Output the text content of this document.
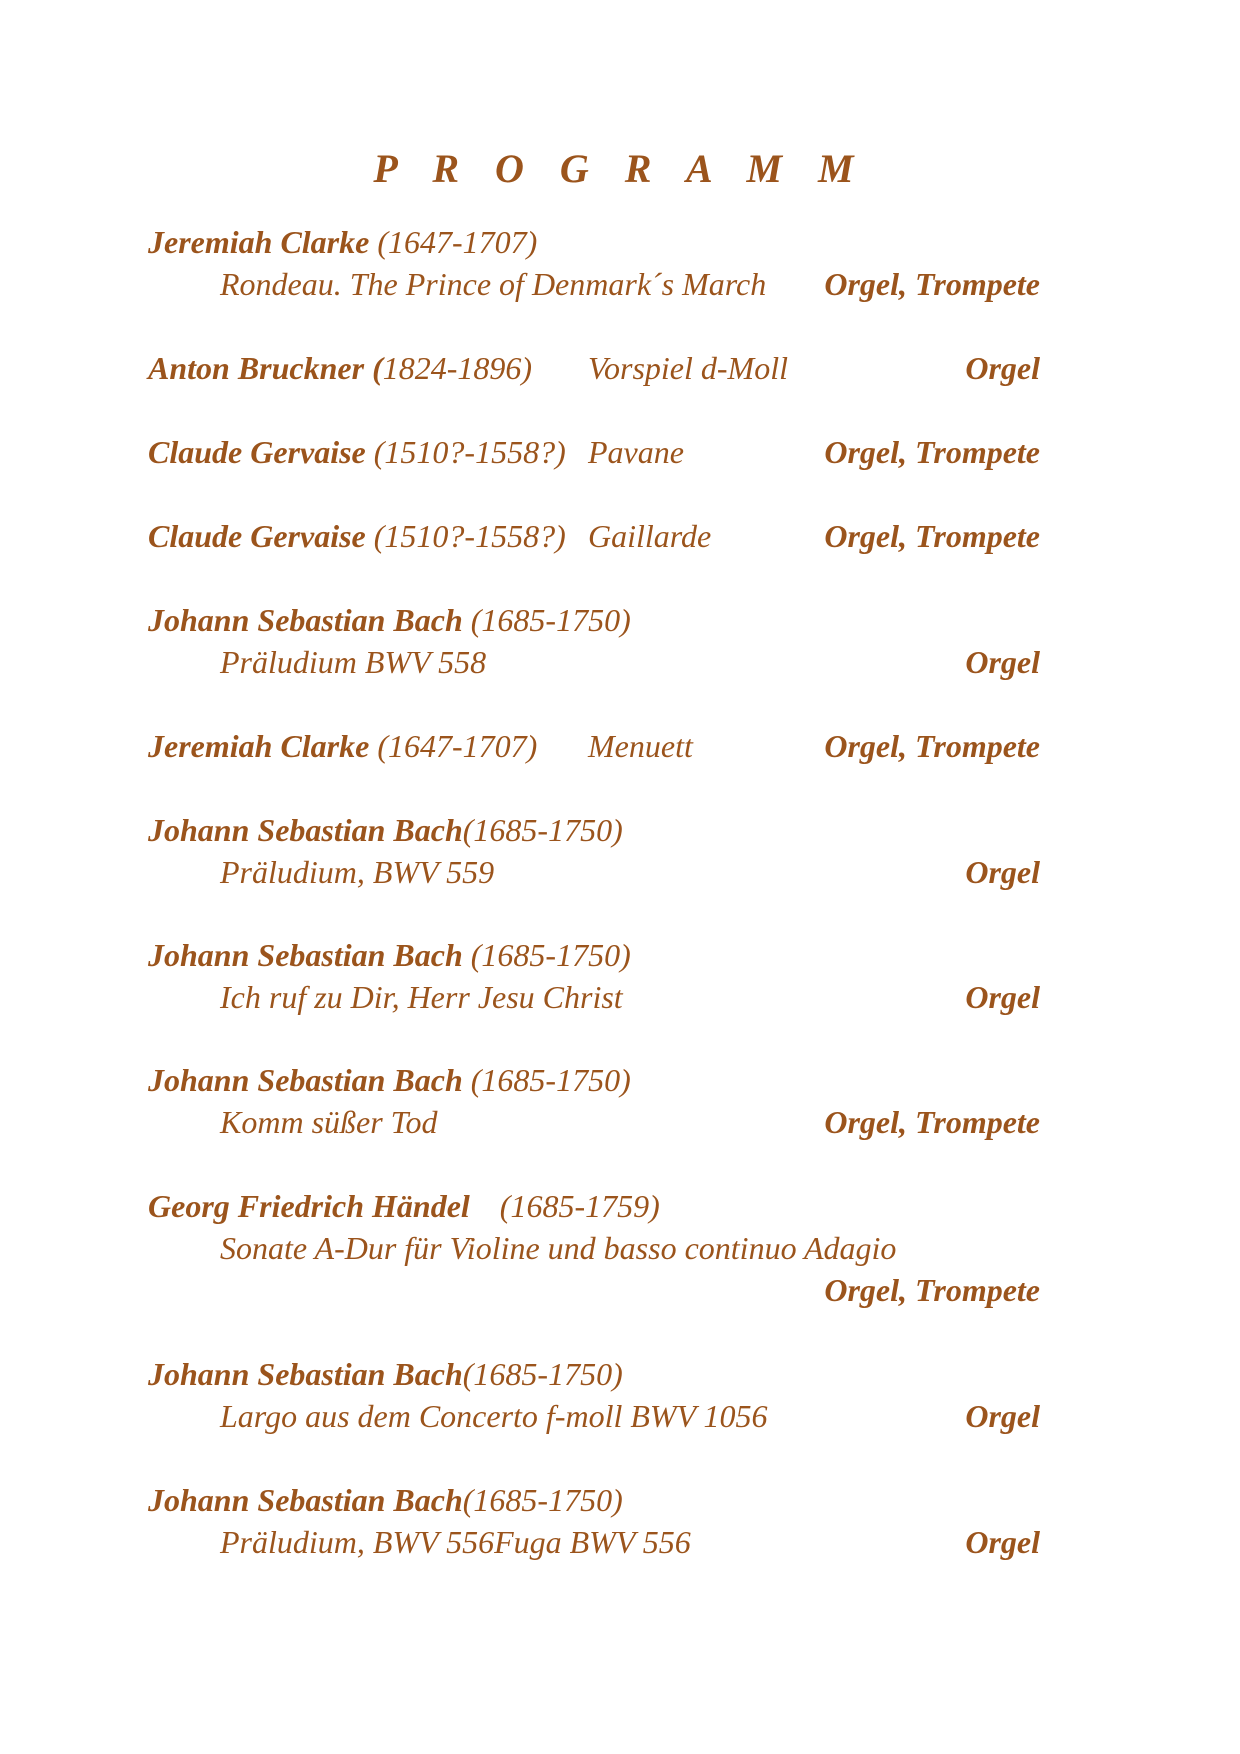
P R O G R A M M
Jeremiah Clarke (1647-1707)
Rondeau. The Prince of Denmark´s March Orgel, Trompete
Anton Bruckner (1824-1896) Vorspiel d-Moll	Orgel
Claude Gervaise (1510?-1558?) Pavane	Orgel, Trompete
Claude Gervaise (1510?-1558?) Gaillarde	Orgel, Trompete
Johann Sebastian Bach (1685-1750)
Präludium BWV 558	Orgel
Jeremiah Clarke (1647-1707) Menuett	Orgel, Trompete
Johann Sebastian Bach(1685-1750)
Präludium, BWV 559	Orgel
Johann Sebastian Bach (1685-1750)
Ich ruf zu Dir, Herr Jesu Christ	Orgel
Johann Sebastian Bach (1685-1750)
Komm süßer Tod	Orgel, Trompete
Georg Friedrich Händel (1685-1759)
Sonate A-Dur für Violine und basso continuo Adagio
Orgel, Trompete
Johann Sebastian Bach(1685-1750)
Largo aus dem Concerto f-moll BWV 1056	Orgel
Johann Sebastian Bach(1685-1750)
Präludium, BWV 556Fuga BWV 556	Orgel
